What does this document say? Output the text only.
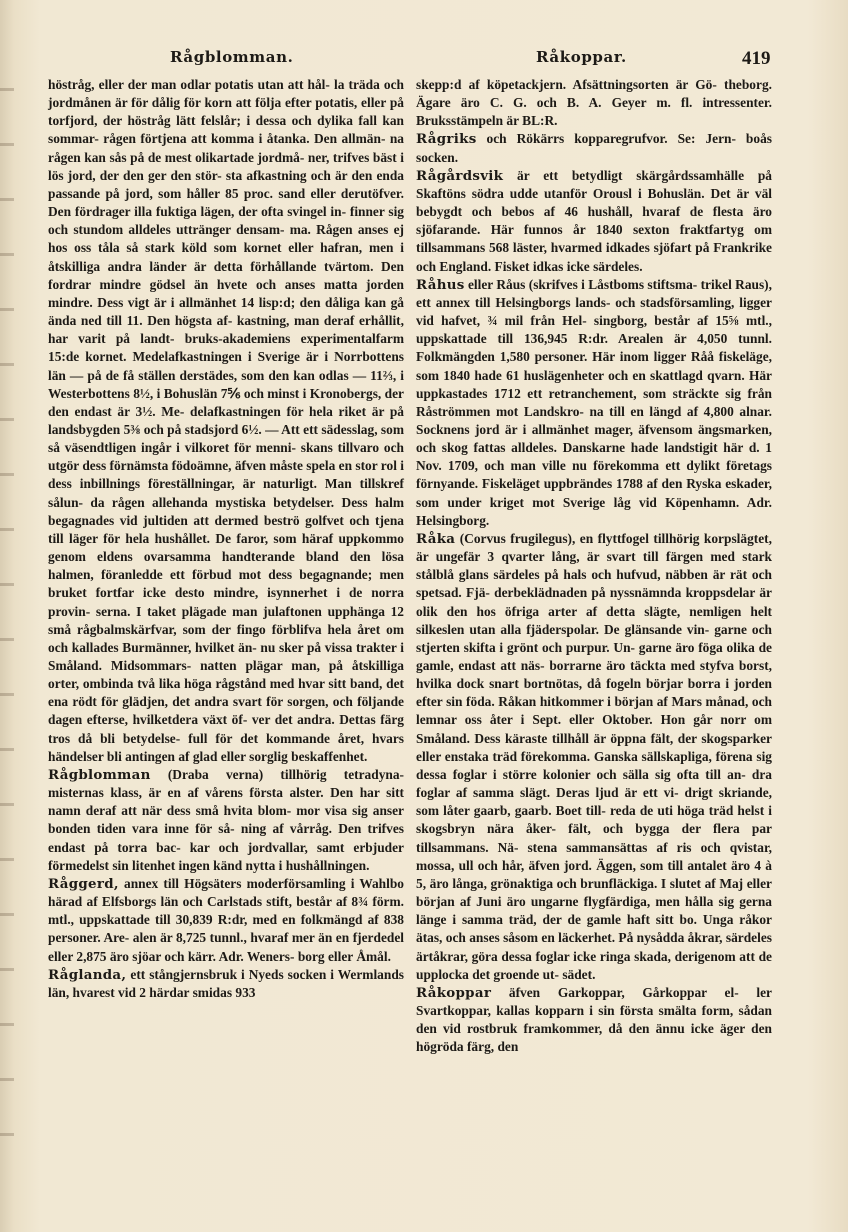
Rågblomman.	Råkoppar.	419

höstråg, eller der man odlar potatis utan att hål- la träda och jordmånen är för dålig för korn att följa efter potatis, eller på torfjord, der höstråg lätt felslår; i dessa och dylika fall kan sommar- rågen förtjena att komma i åtanka. Den allmän- na rågen kan sås på de mest olikartade jordmå- ner, trifves bäst i lös jord, der den ger den stör- sta afkastning och är den enda passande på jord, som håller 85 proc. sand eller derutöfver. Den fördrager illa fuktiga lägen, der ofta svingel in- finner sig och stundom alldeles uttränger densam- ma. Rågen anses ej hos oss tåla så stark köld som kornet eller hafran, men i åtskilliga andra länder är detta förhållande tvärtom. Den fordrar mindre gödsel än hvete och anses matta jorden mindre. Dess vigt är i allmänhet 14 lisp:d; den dåliga kan gå ända ned till 11. Den högsta af- kastning, man deraf erhållit, har varit på landt- bruks-akademiens experimentalfarm 15:de kornet. Medelafkastningen i Sverige är i Norrbottens län — på de få ställen derstädes, som den kan odlas — 11⅔, i Westerbottens 8½, i Bohuslän 7⅚ och minst i Kronobergs, der den endast är 3½. Me- delafkastningen för hela riket är på landsbygden 5⅜ och på stadsjord 6½. — Att ett sädesslag, som så väsendtligen ingår i vilkoret för menni- skans tillvaro och utgör dess förnämsta födoämne, äfven måste spela en stor rol i dess inbillnings föreställningar, är naturligt. Man tillskref sålun- da rågen allehanda mystiska betydelser. Dess halm begagnades vid jultiden att dermed beströ golfvet och tjena till läger för hela hushållet. De faror, som häraf uppkommo genom eldens ovarsamma handterande bland den lösa halmen, föranledde ett förbud mot dess begagnande; men bruket fortfar icke desto mindre, isynnerhet i de norra provin- serna. I taket plägade man julaftonen upphänga 12 små rågbalmskärfvar, som der fingo förblifva hela året om och kallades Burmänner, hvilket än- nu sker på vissa trakter i Småland. Midsommars- natten plägar man, på åtskilliga orter, ombinda två lika höga rågstånd med hvar sitt band, det ena rödt för glädjen, det andra svart för sorgen, och följande dagen efterse, hvilketdera växt öf- ver det andra. Dettas färg tros då bli betydelse- full för det kommande året, hvars händelser bli antingen af glad eller sorglig beskaffenhet.

Rågblomman (Draba verna) tillhörig tetradyna- misternas klass, är en af vårens första alster. Den har sitt namn deraf att när dess små hvita blom- mor visa sig anser bonden tiden vara inne för så- ning af vårråg. Den trifves endast på torra bac- kar och jordvallar, samt erbjuder förmedelst sin litenhet ingen känd nytta i hushållningen.

Råggerd, annex till Högsäters moderförsamling i Wahlbo härad af Elfsborgs län och Carlstads stift, består af 8¾ förm. mtl., uppskattade till 30,839 R:dr, med en folkmängd af 838 personer. Are- alen är 8,725 tunnl., hvaraf mer än en fjerdedel eller 2,875 äro sjöar och kärr. Adr. Weners- borg eller Åmål.

Råglanda, ett stångjernsbruk i Nyeds socken i Wermlands län, hvarest vid 2 härdar smidas 933

skepp:d af köpetackjern. Afsättningsorten är Gö- theborg. Ägare äro C. G. och B. A. Geyer m. fl. intressenter. Bruksstämpeln är BL:R.

Rågriks och Rökärrs kopparegrufvor. Se: Jern- boås socken.

Rågårdsvik är ett betydligt skärgårdssamhälle på Skaftöns södra udde utanför Orousl i Bohuslän. Det är väl bebygdt och bebos af 46 hushåll, hvaraf de flesta äro sjöfarande. Här funnos år 1840 sexton fraktfartyg om tillsammans 568 läster, hvarmed idkades sjöfart på Frankrike och England. Fisket idkas icke särdeles.

Råhus eller Råus (skrifves i Låstboms stiftsma- trikel Raus), ett annex till Helsingborgs lands- och stadsförsamling, ligger vid hafvet, ¾ mil från Hel- singborg, består af 15⅝ mtl., uppskattade till 136,945 R:dr. Arealen är 4,050 tunnl. Folkmängden 1,580 personer. Här inom ligger Råå fiskeläge, som 1840 hade 61 huslägenheter och en skattlagd qvarn. Här uppkastades 1712 ett retranchement, som sträckte sig från Råströmmen mot Landskro- na till en längd af 4,800 alnar. Socknens jord är i allmänhet mager, äfvensom ängsmarken, och skog fattas alldeles. Danskarne hade landstigit här d. 1 Nov. 1709, och man ville nu förekomma ett dylikt företags förnyande. Fiskeläget uppbrändes 1788 af den Ryska eskader, som under kriget mot Sverige låg vid Köpenhamn. Adr. Helsingborg.

Råka (Corvus frugilegus), en flyttfogel tillhörig korpslägtet, är ungefär 3 qvarter lång, är svart till färgen med stark stålblå glans särdeles på hals och hufvud, näbben är rät och spetsad. Fjä- derbeklädnaden på nyssnämnda kroppsdelar är olik den hos öfriga arter af detta slägte, nemligen helt silkeslen utan alla fjäderspolar. De glänsande vin- garne och stjerten skifta i grönt och purpur. Un- garne äro föga olika de gamle, endast att näs- borrarne äro täckta med styfva borst, hvilka dock snart bortnötas, då fogeln börjar borra i jorden efter sin föda. Råkan hitkommer i början af Mars månad, och lemnar oss åter i Sept. eller Oktober. Hon går norr om Småland. Dess käraste tillhåll är öppna fält, der skogsparker eller enstaka träd förekomma. Ganska sällskapliga, förena sig dessa foglar i större kolonier och sälla sig ofta till an- dra foglar af samma slägt. Deras ljud är ett vi- drigt skriande, som låter gaarb, gaarb. Boet till- reda de uti höga träd helst i skogsbryn nära åker- fält, och bygga der flera par tillsammans. Nä- stena sammansättas af ris och qvistar, mossa, ull och hår, äfven jord. Äggen, som till antalet äro 4 à 5, äro långa, grönaktiga och brunfläckiga. I slutet af Maj eller början af Juni äro ungarne flygfärdiga, men hålla sig gerna länge i samma träd, der de gamle haft sitt bo. Unga råkor ätas, och anses såsom en läckerhet. På nysådda åkrar, särdeles ärtåkrar, göra dessa foglar icke ringa skada, derigenom att de upplocka det groende ut- sädet.

Råkoppar äfven Garkoppar, Gårkoppar el- ler Svartkoppar, kallas kopparn i sin första smälta form, sådan den vid rostbruk framkommer, då den ännu icke äger den högröda färg, den
